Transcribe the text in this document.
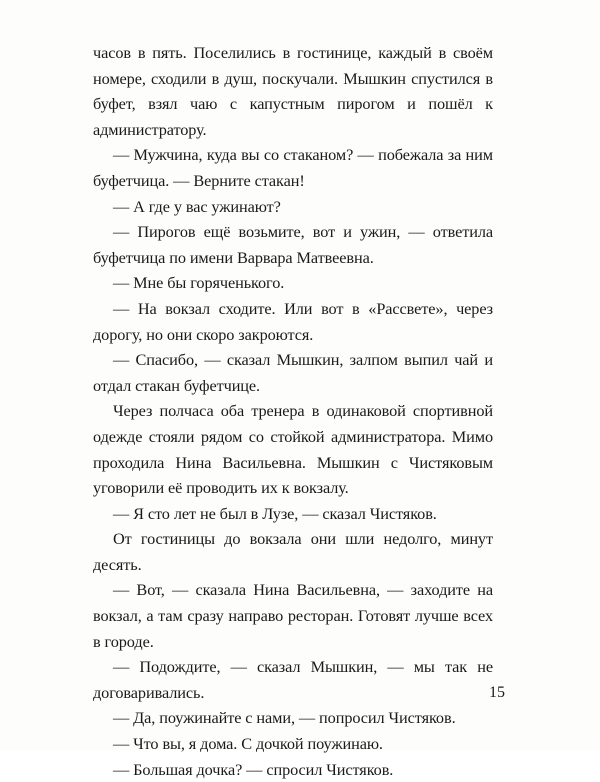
часов в пять. Поселились в гостинице, каждый в своём номере, сходили в душ, поскучали. Мышкин спустился в буфет, взял чаю с капустным пирогом и пошёл к администратору.

— Мужчина, куда вы со стаканом? — побежала за ним буфетчица. — Верните стакан!

— А где у вас ужинают?

— Пирогов ещё возьмите, вот и ужин, — ответила буфетчица по имени Варвара Матвеевна.

— Мне бы горяченького.

— На вокзал сходите. Или вот в «Рассвете», через дорогу, но они скоро закроются.

— Спасибо, — сказал Мышкин, залпом выпил чай и отдал стакан буфетчице.

Через полчаса оба тренера в одинаковой спортивной одежде стояли рядом со стойкой администратора. Мимо проходила Нина Васильевна. Мышкин с Чистяковым уговорили её проводить их к вокзалу.

— Я сто лет не был в Лузе, — сказал Чистяков.

От гостиницы до вокзала они шли недолго, минут десять.

— Вот, — сказала Нина Васильевна, — заходите на вокзал, а там сразу направо ресторан. Готовят лучше всех в городе.

— Подождите, — сказал Мышкин, — мы так не договаривались.

— Да, поужинайте с нами, — попросил Чистяков.

— Что вы, я дома. С дочкой поужинаю.

— Большая дочка? — спросил Чистяков.

15
